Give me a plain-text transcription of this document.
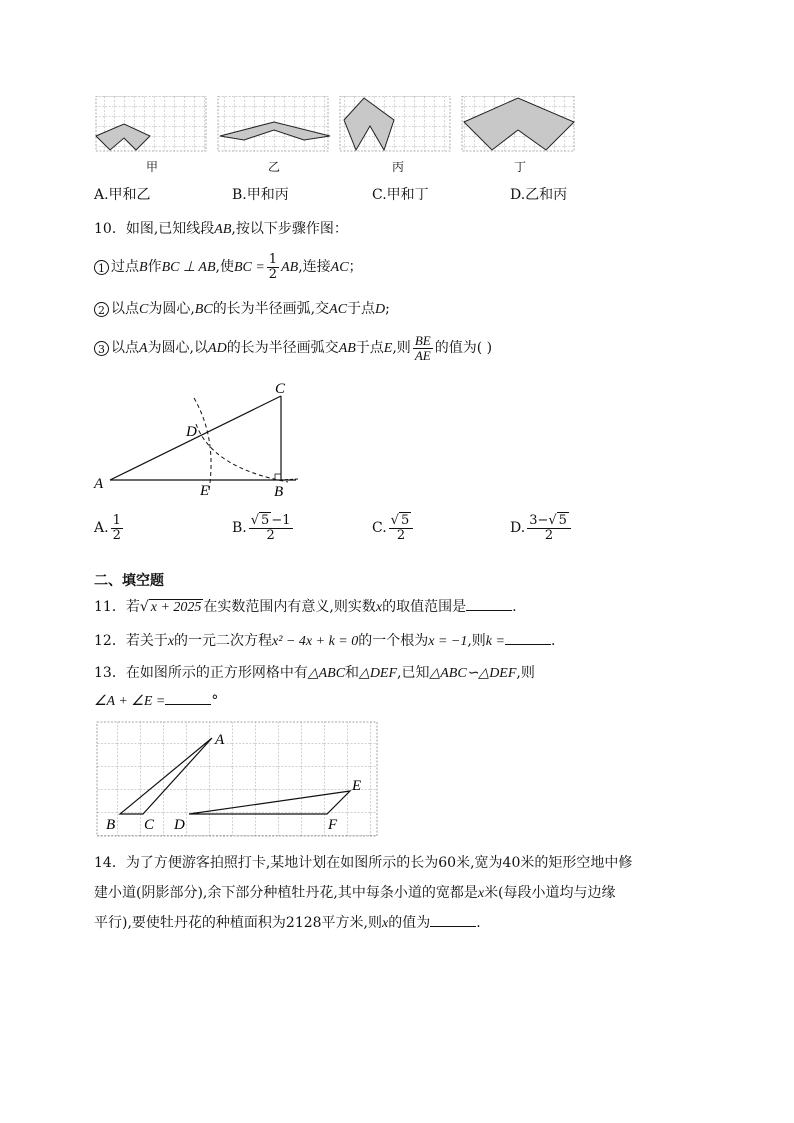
甲	乙	丙	丁
A.甲和乙	B.甲和丙	C.甲和丁	D.乙和丙
10．如图,已知线段AB,按以下步骤作图：
1 过点B作BC ⊥ AB,使BC = $\frac{1}{2}$ AB,连接AC；
2 以点C为圆心,BC的长为半径画弧,交AC于点D;
3 以点A为圆心,以AD的长为半径画弧交AB于点E,则 $\frac{BE}{AE}$ 的值为( )
A	B
C
D
E
A. $\frac{1}{2}$	B. $\frac{√ 5 -1}{2}$	C. $\frac{√ 5}{2}$	D. $\frac{3-√ 5}{2}$
二、填空题
11．若√ x + 2025 在实数范围内有意义,则实数x的取值范围是	.
12．若关于x的一元二次方程x² − 4x + k = 0的一个根为x = −1,则k =	.
13．在如图所示的正方形网格中有△ABC和△DEF,已知△ABC∽△DEF,则
∠A + ∠E =	°
A
B C D
E
F
14．为了方便游客拍照打卡,某地计划在如图所示的长为60米,宽为40米的矩形空地中修
建小道(阴影部分),余下部分种植牡丹花,其中每条小道的宽都是x米(每段小道均与边缘
平行),要使牡丹花的种植面积为2128平方米,则x的值为	.
